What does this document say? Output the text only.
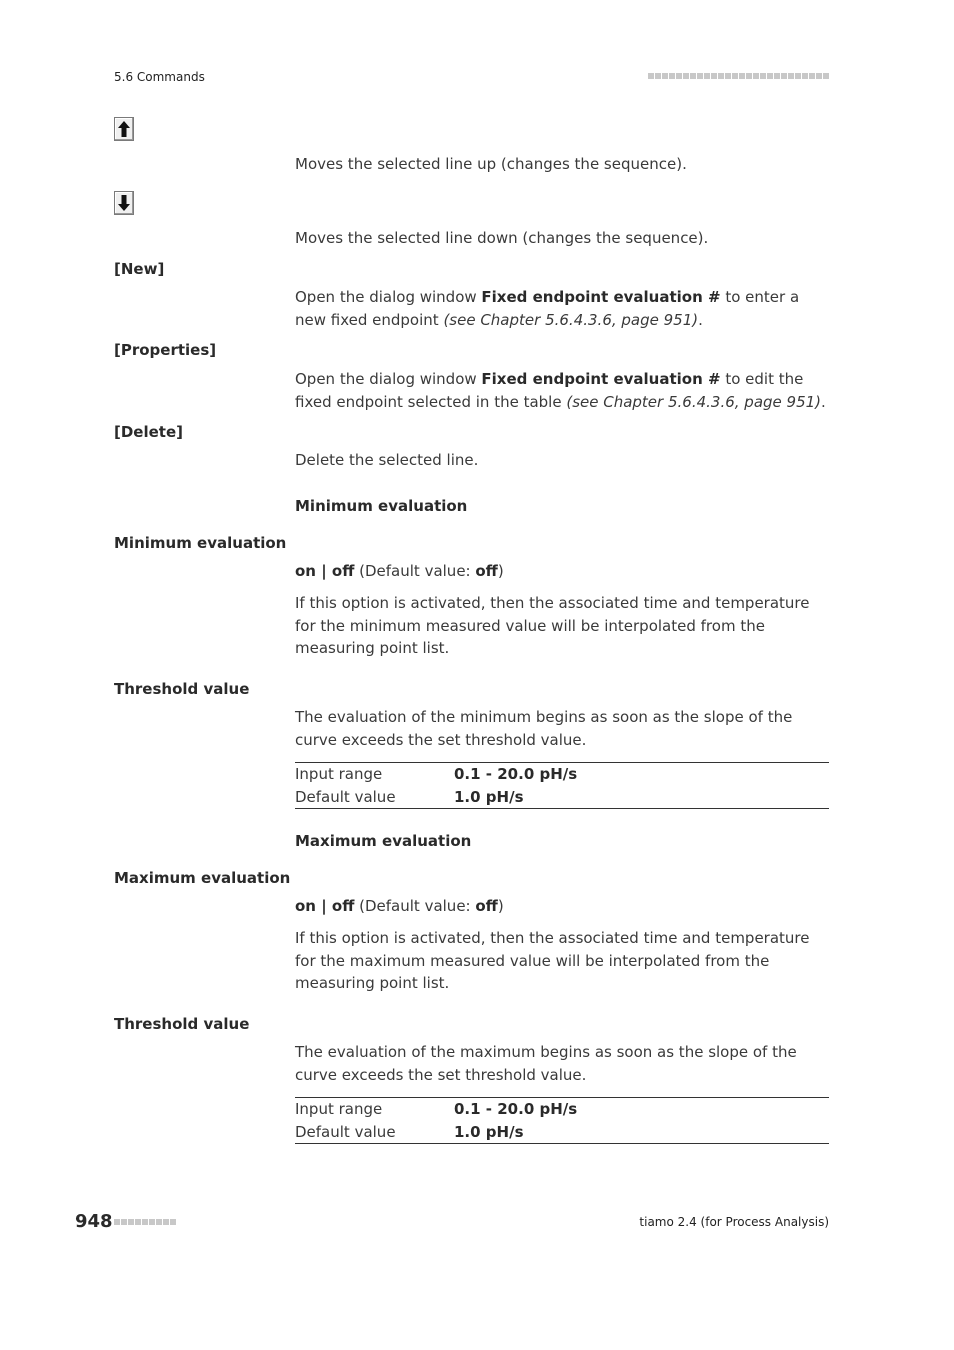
5.6 Commands
Moves the selected line up (changes the sequence).
Moves the selected line down (changes the sequence).
[New]
Open the dialog window Fixed endpoint evaluation # to enter a new fixed endpoint (see Chapter 5.6.4.3.6, page 951).
[Properties]
Open the dialog window Fixed endpoint evaluation # to edit the fixed endpoint selected in the table (see Chapter 5.6.4.3.6, page 951).
[Delete]
Delete the selected line.
Minimum evaluation
Minimum evaluation
on | off (Default value: off)
If this option is activated, then the associated time and temperature for the minimum measured value will be interpolated from the measuring point list.
Threshold value
The evaluation of the minimum begins as soon as the slope of the curve exceeds the set threshold value.
Input range	0.1 - 20.0 pH/s
Default value	1.0 pH/s
Maximum evaluation
Maximum evaluation
on | off (Default value: off)
If this option is activated, then the associated time and temperature for the maximum measured value will be interpolated from the measuring point list.
Threshold value
The evaluation of the maximum begins as soon as the slope of the curve exceeds the set threshold value.
Input range	0.1 - 20.0 pH/s
Default value	1.0 pH/s
948	tiamo 2.4 (for Process Analysis)
